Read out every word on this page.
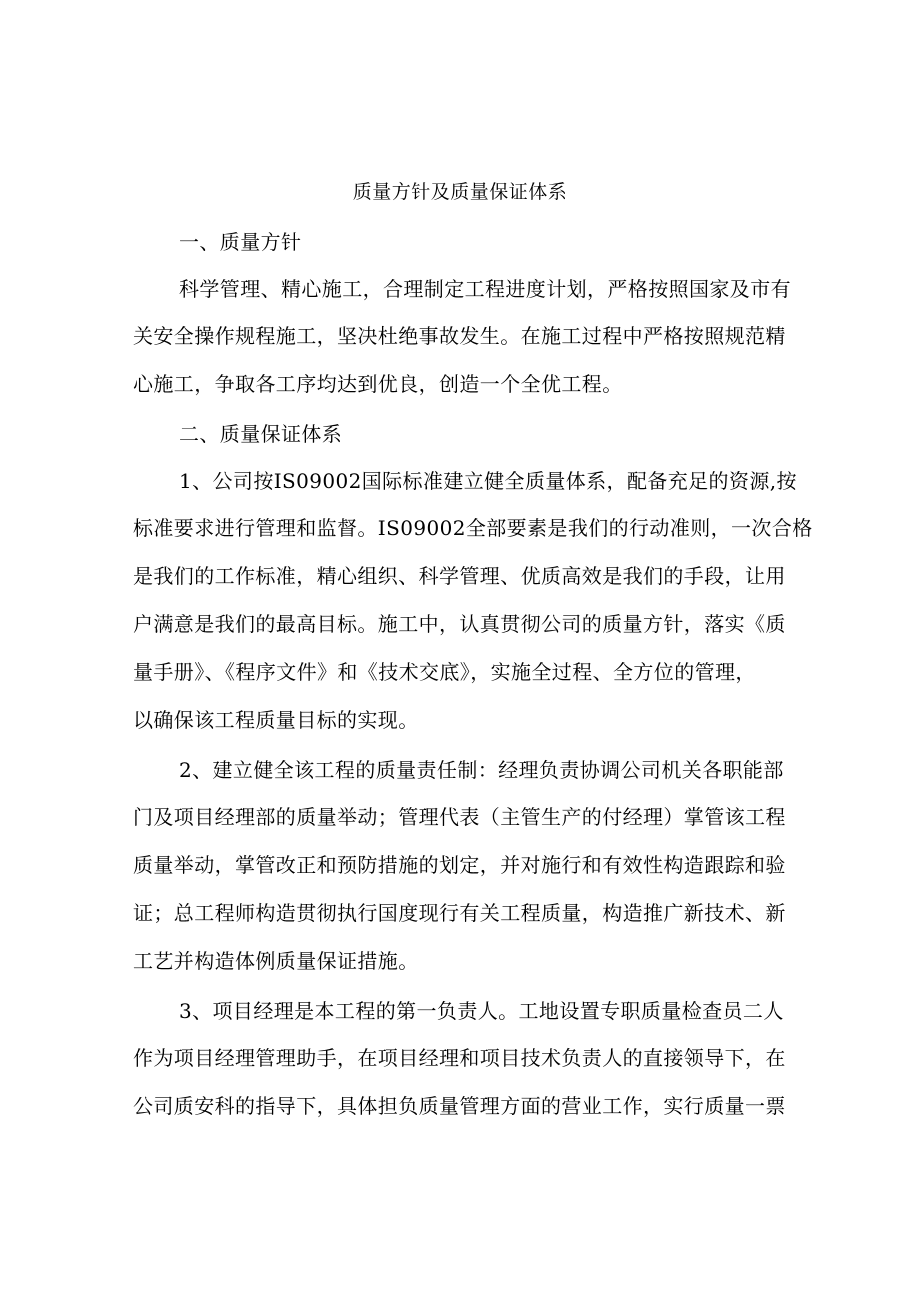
质量方针及质量保证体系
一、质量方针
科学管理、精心施工，合理制定工程进度计划，严格按照国家及市有
关安全操作规程施工，坚决杜绝事故发生。在施工过程中严格按照规范精
心施工，争取各工序均达到优良，创造一个全优工程。
二、质量保证体系
1、公司按IS09002国际标准建立健全质量体系，配备充足的资源,按
标准要求进行管理和监督。IS09002全部要素是我们的行动准则，一次合格
是我们的工作标准，精心组织、科学管理、优质高效是我们的手段，让用
户满意是我们的最高目标。施工中，认真贯彻公司的质量方针，落实《质
量手册》、《程序文件》和《技术交底》，实施全过程、全方位的管理，
以确保该工程质量目标的实现。
2、建立健全该工程的质量责任制：经理负责协调公司机关各职能部
门及项目经理部的质量举动；管理代表（主管生产的付经理）掌管该工程
质量举动，掌管改正和预防措施的划定，并对施行和有效性构造跟踪和验
证；总工程师构造贯彻执行国度现行有关工程质量，构造推广新技术、新
工艺并构造体例质量保证措施。
3、项目经理是本工程的第一负责人。工地设置专职质量检查员二人
作为项目经理管理助手，在项目经理和项目技术负责人的直接领导下，在
公司质安科的指导下，具体担负质量管理方面的营业工作，实行质量一票
